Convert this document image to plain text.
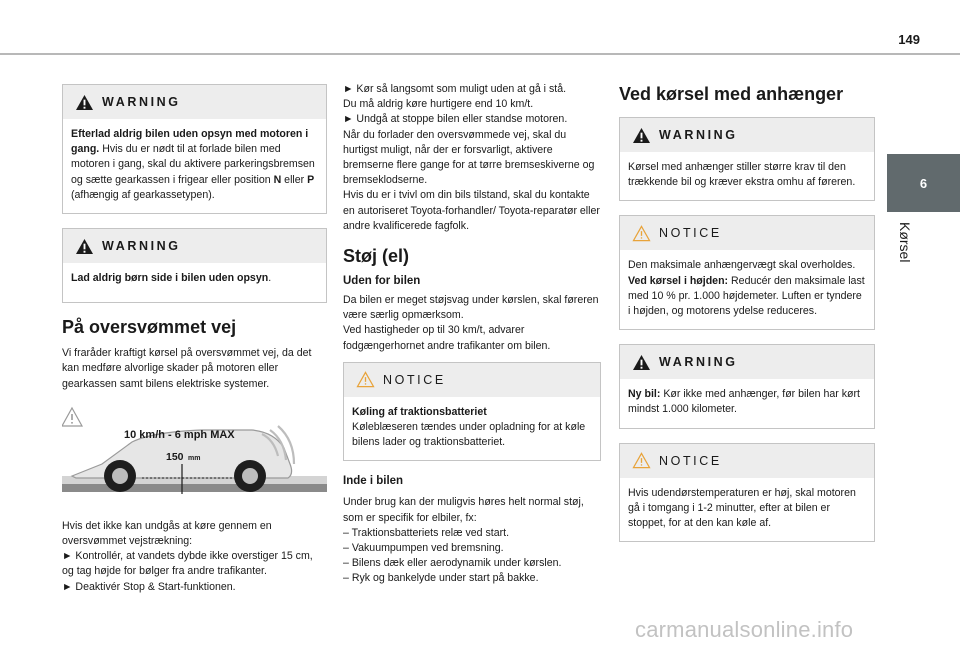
149
6
Kørsel
WARNING
Efterlad aldrig bilen uden opsyn med motoren i gang. Hvis du er nødt til at forlade bilen med motoren i gang, skal du aktivere parkeringsbremsen og sætte gearkassen i frigear eller position N eller P (afhængig af gearkassetypen).
WARNING
Lad aldrig børn side i bilen uden opsyn.
På oversvømmet vej

Vi fraråder kraftigt kørsel på oversvømmet vej, da det kan medføre alvorlige skader på motoren eller gearkassen samt bilens elektriske systemer.

10 km/h - 6 mph MAX
150 mm

Hvis det ikke kan undgås at køre gennem en oversvømmet vejstrækning:

► Kontrollér, at vandets dybde ikke overstiger 15 cm, og tag højde for bølger fra andre trafikanter.

► Deaktivér Stop & Start-funktionen.

► Kør så langsomt som muligt uden at gå i stå.

Du må aldrig køre hurtigere end 10 km/t.

► Undgå at stoppe bilen eller standse motoren.

Når du forlader den oversvømmede vej, skal du hurtigst muligt, når der er forsvarligt, aktivere bremserne flere gange for at tørre bremseskiverne og bremseklodserne.

Hvis du er i tvivl om din bils tilstand, skal du kontakte en autoriseret Toyota-forhandler/ Toyota-reparatør eller andre kvalificerede fagfolk.

Støj (el)
Uden for bilen

Da bilen er meget støjsvag under kørslen, skal føreren være særlig opmærksom.

Ved hastigheder op til 30 km/t, advarer fodgængerhornet andre trafikanter om bilen.

NOTICE
Køling af traktionsbatteriet
Køleblæseren tændes under opladning for at køle bilens lader og traktionsbatteriet.
Inde i bilen

Under brug kan der muligvis høres helt normal støj, som er specifik for elbiler, fx:

– Traktionsbatteriets relæ ved start.

– Vakuumpumpen ved bremsning.

– Bilens dæk eller aerodynamik under kørslen.

– Ryk og bankelyde under start på bakke.

Ved kørsel med anhænger
WARNING
Kørsel med anhænger stiller større krav til den trækkende bil og kræver ekstra omhu af føreren.
NOTICE
Den maksimale anhængervægt skal overholdes.
Ved kørsel i højden: Reducér den maksimale last med 10 % pr. 1.000 højdemeter. Luften er tyndere i højden, og motorens ydelse reduceres.
WARNING
Ny bil: Kør ikke med anhænger, før bilen har kørt mindst 1.000 kilometer.
NOTICE
Hvis udendørstemperaturen er høj, skal motoren gå i tomgang i 1-2 minutter, efter at bilen er stoppet, for at den kan køle af.
carmanualsonline.info
